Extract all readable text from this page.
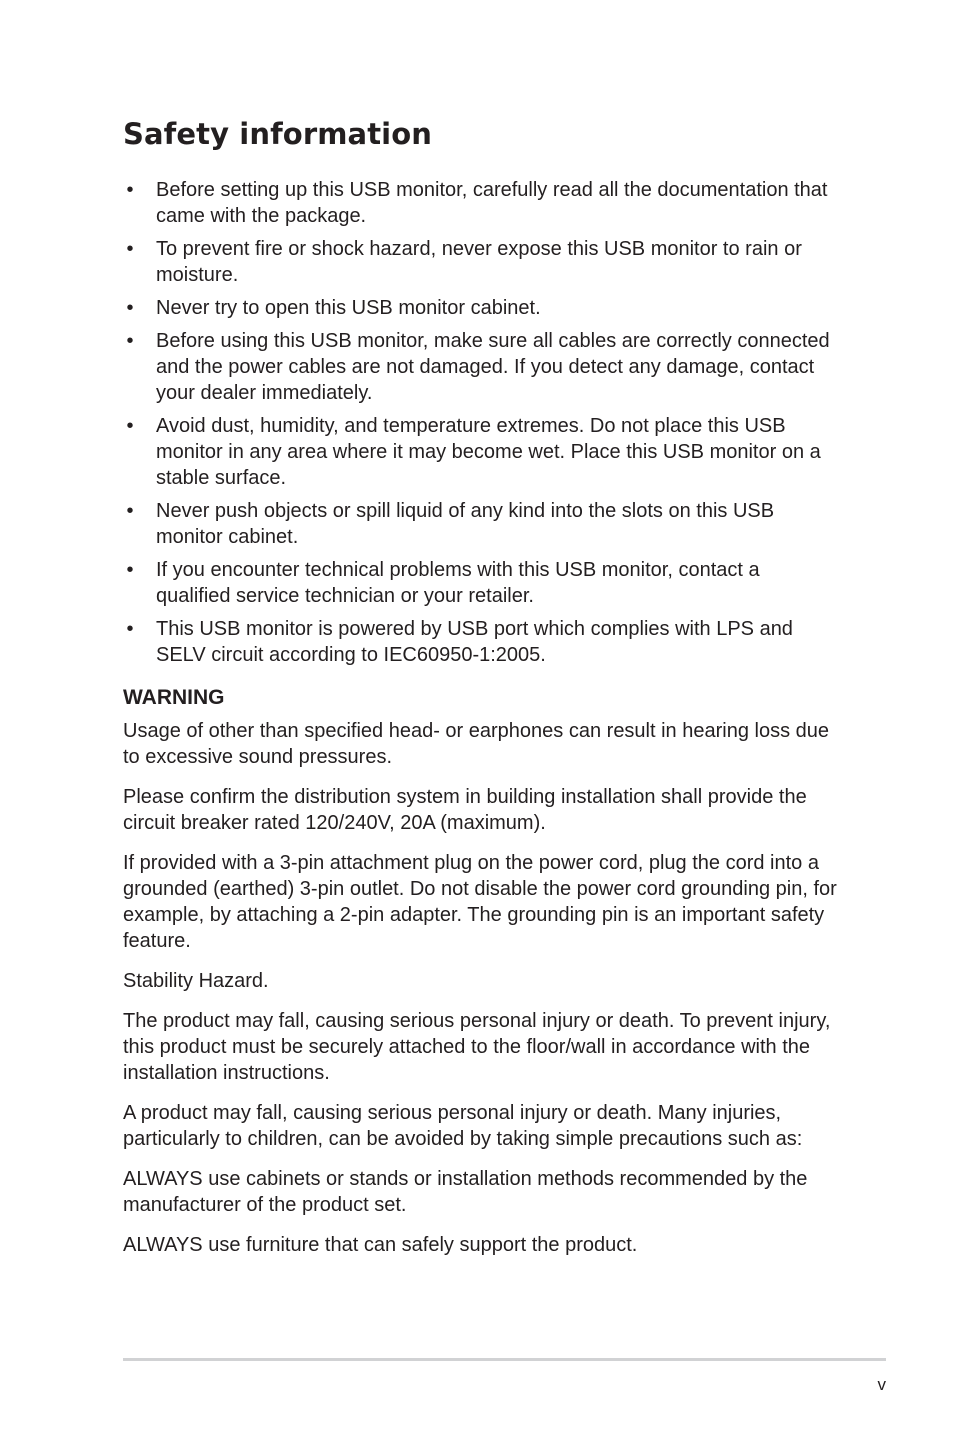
Safety information
• Before setting up this USB monitor, carefully read all the documentation that came with the package.
• To prevent fire or shock hazard, never expose this USB monitor to rain or moisture.
• Never try to open this USB monitor cabinet.
• Before using this USB monitor, make sure all cables are correctly connected and the power cables are not damaged. If you detect any damage, contact your dealer immediately.
• Avoid dust, humidity, and temperature extremes. Do not place this USB monitor in any area where it may become wet. Place this USB monitor on a stable surface.
• Never push objects or spill liquid of any kind into the slots on this USB monitor cabinet.
• If you encounter technical problems with this USB monitor, contact a qualified service technician or your retailer.
• This USB monitor is powered by USB port which complies with LPS and SELV circuit according to IEC60950-1:2005.
WARNING

Usage of other than specified head- or earphones can result in hearing loss due to excessive sound pressures.

Please confirm the distribution system in building installation shall provide the circuit breaker rated 120/240V, 20A (maximum).

If provided with a 3-pin attachment plug on the power cord, plug the cord into a grounded (earthed) 3-pin outlet. Do not disable the power cord grounding pin, for example, by attaching a 2-pin adapter. The grounding pin is an important safety feature.

Stability Hazard.

The product may fall, causing serious personal injury or death. To prevent injury, this product must be securely attached to the floor/wall in accordance with the installation instructions.

A product may fall, causing serious personal injury or death. Many injuries, particularly to children, can be avoided by taking simple precautions such as:

ALWAYS use cabinets or stands or installation methods recommended by the manufacturer of the product set.

ALWAYS use furniture that can safely support the product.

v
